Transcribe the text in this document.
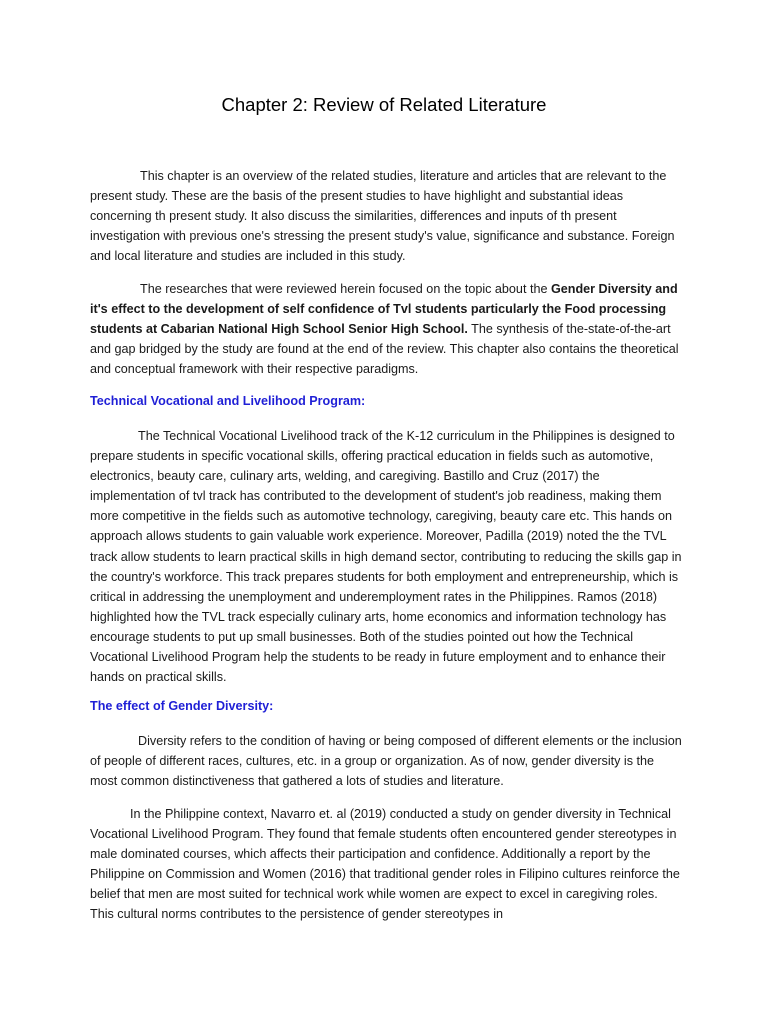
Chapter 2: Review of Related Literature

This chapter is an overview of the related studies, literature and articles that are relevant to the present study. These are the basis of the present studies to have highlight and substantial ideas concerning th present study. It also discuss the similarities, differences and inputs of th present investigation with previous one's stressing the present study's value, significance and substance. Foreign and local literature and studies are included in this study.

The researches that were reviewed herein focused on the topic about the Gender Diversity and it's effect to the development of self confidence of Tvl students particularly the Food processing students at Cabarian National High School Senior High School. The synthesis of the-state-of-the-art and gap bridged by the study are found at the end of the review. This chapter also contains the theoretical and conceptual framework with their respective paradigms.

Technical Vocational and Livelihood Program:

The Technical Vocational Livelihood track of the K-12 curriculum in the Philippines is designed to prepare students in specific vocational skills, offering practical education in fields such as automotive, electronics, beauty care, culinary arts, welding, and caregiving. Bastillo and Cruz (2017) the implementation of tvl track has contributed to the development of student's job readiness, making them more competitive in the fields such as automotive technology, caregiving, beauty care etc. This hands on approach allows students to gain valuable work experience. Moreover, Padilla (2019) noted the the TVL track allow students to learn practical skills in high demand sector, contributing to reducing the skills gap in the country's workforce. This track prepares students for both employment and entrepreneurship, which is critical in addressing the unemployment and underemployment rates in the Philippines. Ramos (2018) highlighted how the TVL track especially culinary arts, home economics and information technology has encourage students to put up small businesses. Both of the studies pointed out how the Technical Vocational Livelihood Program help the students to be ready in future employment and to enhance their hands on practical skills.

The effect of Gender Diversity:

Diversity refers to the condition of having or being composed of different elements or the inclusion of people of different races, cultures, etc. in a group or organization. As of now, gender diversity is the most common distinctiveness that gathered a lots of studies and literature.

In the Philippine context, Navarro et. al (2019) conducted a study on gender diversity in Technical Vocational Livelihood Program. They found that female students often encountered gender stereotypes in male dominated courses, which affects their participation and confidence. Additionally a report by the Philippine on Commission and Women (2016) that traditional gender roles in Filipino cultures reinforce the belief that men are most suited for technical work while women are expect to excel in caregiving roles. This cultural norms contributes to the persistence of gender stereotypes in
